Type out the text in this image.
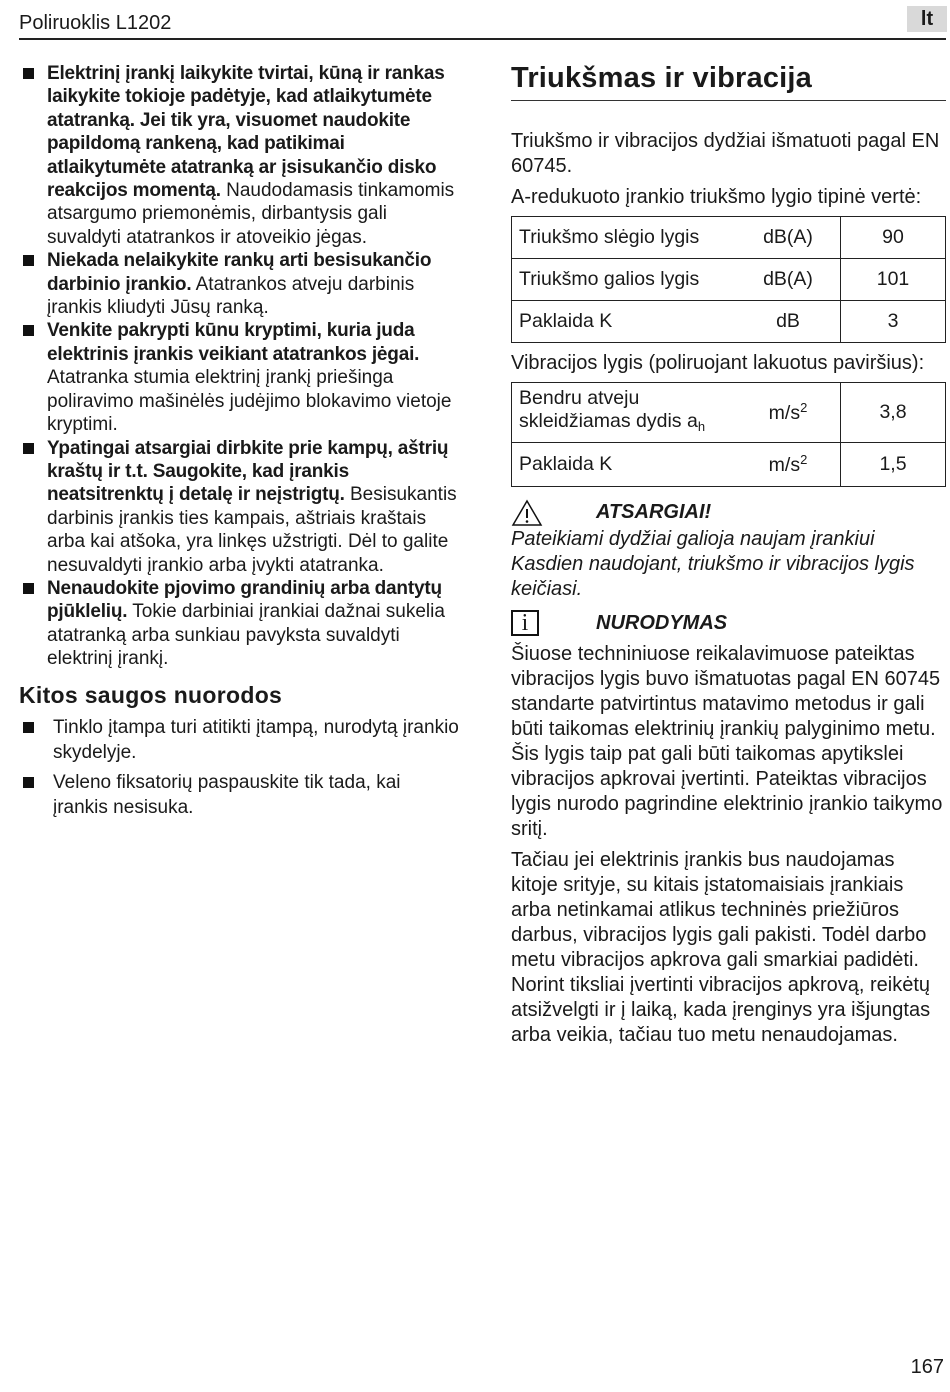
Poliruoklis L1202	lt
Elektrinį įrankį laikykite tvirtai, kūną ir rankas laikykite tokioje padėtyje, kad atlaikytumėte atatranką. Jei tik yra, visuomet naudokite papildomą rankeną, kad patikimai atlaikytumėte atatranką ar įsisukančio disko reakcijos momentą. Naudodamasis tinkamomis atsargumo priemonėmis, dirbantysis gali suvaldyti atatrankos ir atoveikio jėgas.
Niekada nelaikykite rankų arti besisukančio darbinio įrankio. Atatrankos atveju darbinis įrankis kliudyti Jūsų ranką.
Venkite pakrypti kūnu kryptimi, kuria juda elektrinis įrankis veikiant atatrankos jėgai. Atatranka stumia elektrinį įrankį priešinga poliravimo mašinėlės judėjimo blokavimo vietoje kryptimi.
Ypatingai atsargiai dirbkite prie kampų, aštrių kraštų ir t.t. Saugokite, kad įrankis neatsitrenktų į detalę ir neįstrigtų. Besisukantis darbinis įrankis ties kampais, aštriais kraštais arba kai atšoka, yra linkęs užstrigti. Dėl to galite nesuvaldyti įrankio arba įvykti atatranka.
Nenaudokite pjovimo grandinių arba dantytų pjūklelių. Tokie darbiniai įrankiai dažnai sukelia atatranką arba sunkiau pavyksta suvaldyti elektrinį įrankį.
Kitos saugos nuorodos
Tinklo įtampa turi atitikti įtampą, nurodytą įrankio skydelyje.
Veleno fiksatorių paspauskite tik tada, kai įrankis nesisuka.
Triukšmas ir vibracija

Triukšmo ir vibracijos dydžiai išmatuoti pagal EN 60745.

A-redukuoto įrankio triukšmo lygio tipinė vertė:

Triukšmo slėgio lygis	dB(A)	90
Triukšmo galios lygis	dB(A)	101
Paklaida K	dB	3

Vibracijos lygis (poliruojant lakuotus paviršius):

Bendru atveju
skleidžiamas dydis $a_h$	$m/s^2$	3,8
Paklaida K	$m/s^2$	1,5
ATSARGIAI!

Pateikiami dydžiai galioja naujam įrankiui Kasdien naudojant, triukšmo ir vibracijos lygis keičiasi.

i	NURODYMAS

Šiuose techniniuose reikalavimuose pateiktas vibracijos lygis buvo išmatuotas pagal EN 60745 standarte patvirtintus matavimo metodus ir gali būti taikomas elektrinių įrankių palyginimo metu. Šis lygis taip pat gali būti taikomas apytikslei vibracijos apkrovai įvertinti. Pateiktas vibracijos lygis nurodo pagrindine elektrinio įrankio taikymo sritį.

Tačiau jei elektrinis įrankis bus naudojamas kitoje srityje, su kitais įstatomaisiais įrankiais arba netinkamai atlikus techninės priežiūros darbus, vibracijos lygis gali pakisti. Todėl darbo metu vibracijos apkrova gali smarkiai padidėti. Norint tiksliai įvertinti vibracijos apkrovą, reikėtų atsižvelgti ir į laiką, kada įrenginys yra išjungtas arba veikia, tačiau tuo metu nenaudojamas.

167
